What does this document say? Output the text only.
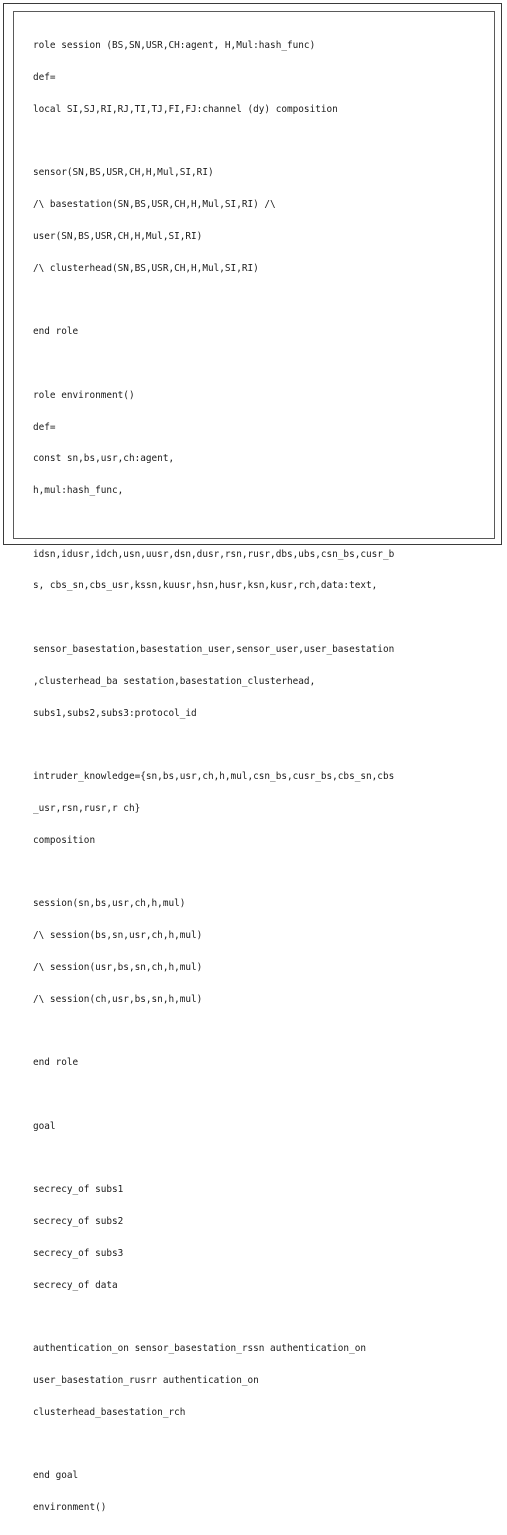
role session (BS,SN,USR,CH:agent, H,Mul:hash_func)

def=

local SI,SJ,RI,RJ,TI,TJ,FI,FJ:channel (dy) composition

sensor(SN,BS,USR,CH,H,Mul,SI,RI)

/\ basestation(SN,BS,USR,CH,H,Mul,SI,RI) /\

user(SN,BS,USR,CH,H,Mul,SI,RI)

/\ clusterhead(SN,BS,USR,CH,H,Mul,SI,RI)

end role

role environment()

def=

const sn,bs,usr,ch:agent,

h,mul:hash_func,

idsn,idusr,idch,usn,uusr,dsn,dusr,rsn,rusr,dbs,ubs,csn_bs,cusr_b

s, cbs_sn,cbs_usr,kssn,kuusr,hsn,husr,ksn,kusr,rch,data:text,

sensor_basestation,basestation_user,sensor_user,user_basestation

,clusterhead_ba sestation,basestation_clusterhead,

subs1,subs2,subs3:protocol_id

intruder_knowledge={sn,bs,usr,ch,h,mul,csn_bs,cusr_bs,cbs_sn,cbs

_usr,rsn,rusr,r ch}

composition

session(sn,bs,usr,ch,h,mul)

/\ session(bs,sn,usr,ch,h,mul)

/\ session(usr,bs,sn,ch,h,mul)

/\ session(ch,usr,bs,sn,h,mul)

end role

goal

secrecy_of subs1

secrecy_of subs2

secrecy_of subs3

secrecy_of data

authentication_on sensor_basestation_rssn authentication_on

user_basestation_rusrr authentication_on

clusterhead_basestation_rch

end goal

environment()
